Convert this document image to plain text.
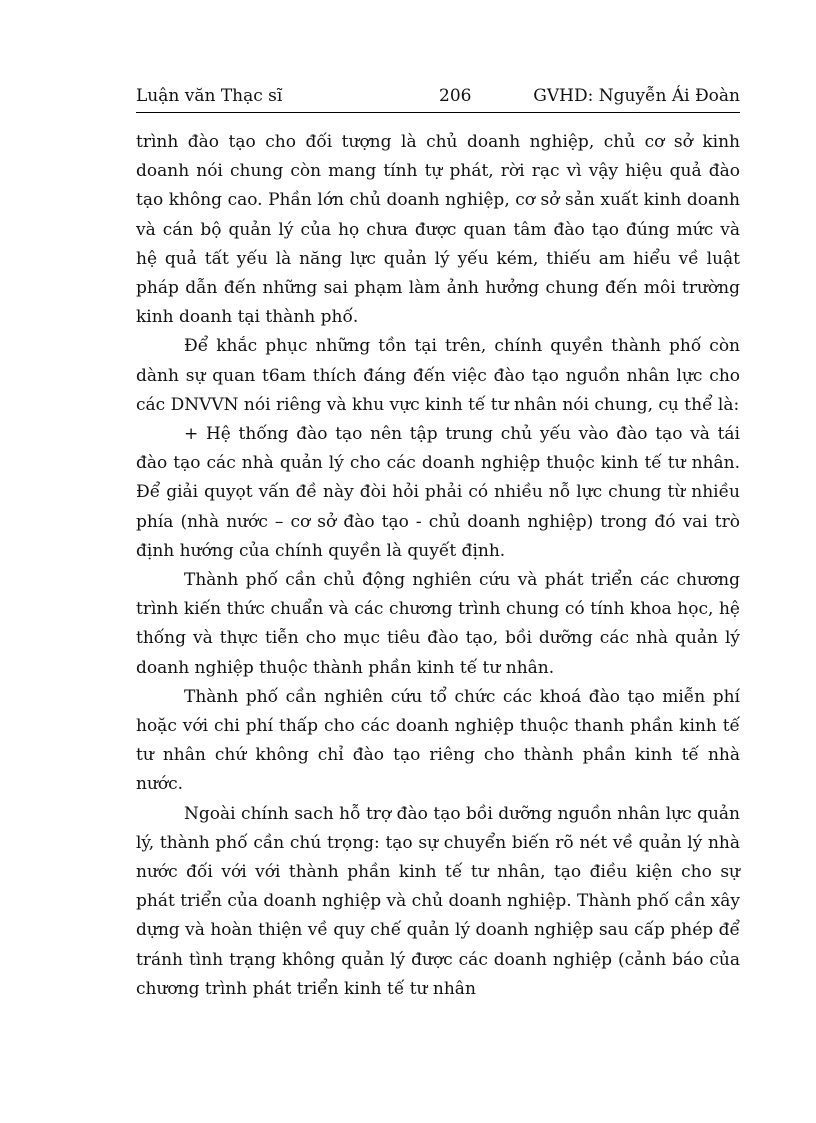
Luận văn Thạc sĩ	206	GVHD: Nguyễn Ái Đoàn

trình đào tạo cho đối tượng là chủ doanh nghiệp, chủ cơ sở kinh doanh nói chung còn mang tính tự phát, rời rạc vì vậy hiệu quả đào tạo không cao. Phần lớn chủ doanh nghiệp, cơ sở sản xuất kinh doanh và cán bộ quản lý của họ chưa được quan tâm đào tạo đúng mức và hệ quả tất yếu là năng lực quản lý yếu kém, thiếu am hiểu về luật pháp dẫn đến những sai phạm làm ảnh hưởng chung đến môi trường kinh doanh tại thành phố.

Để khắc phục những tồn tại trên, chính quyền thành phố còn dành sự quan t6am thích đáng đến việc đào tạo nguồn nhân lực cho các DNVVN nói riêng và khu vực kinh tế tư nhân nói chung, cụ thể là:

+ Hệ thống đào tạo nên tập trung chủ yếu vào đào tạo và tái đào tạo các nhà quản lý cho các doanh nghiệp thuộc kinh tế tư nhân. Để giải quyọt vấn đề này đòi hỏi phải có nhiều nỗ lực chung từ nhiều phía (nhà nước – cơ sở đào tạo - chủ doanh nghiệp) trong đó vai trò định hướng của chính quyền là quyết định.

Thành phố cần chủ động nghiên cứu và phát triển các chương trình kiến thức chuẩn và các chương trình chung có tính khoa học, hệ thống và thực tiễn cho mục tiêu đào tạo, bồi dưỡng các nhà quản lý doanh nghiệp thuộc thành phần kinh tế tư nhân.

Thành phố cần nghiên cứu tổ chức các khoá đào tạo miễn phí hoặc với chi phí thấp cho các doanh nghiệp thuộc thanh phần kinh tế tư nhân chứ không chỉ đào tạo riêng cho thành phần kinh tế nhà nước.

Ngoài chính sach hỗ trợ đào tạo bồi dưỡng nguồn nhân lực quản lý, thành phố cần chú trọng: tạo sự chuyển biến rõ nét về quản lý nhà nước đối với với thành phần kinh tế tư nhân, tạo điều kiện cho sự phát triển của doanh nghiệp và chủ doanh nghiệp. Thành phố cần xây dựng và hoàn thiện về quy chế quản lý doanh nghiệp sau cấp phép để tránh tình trạng không quản lý được các doanh nghiệp (cảnh báo của chương trình phát triển kinh tế tư nhân
